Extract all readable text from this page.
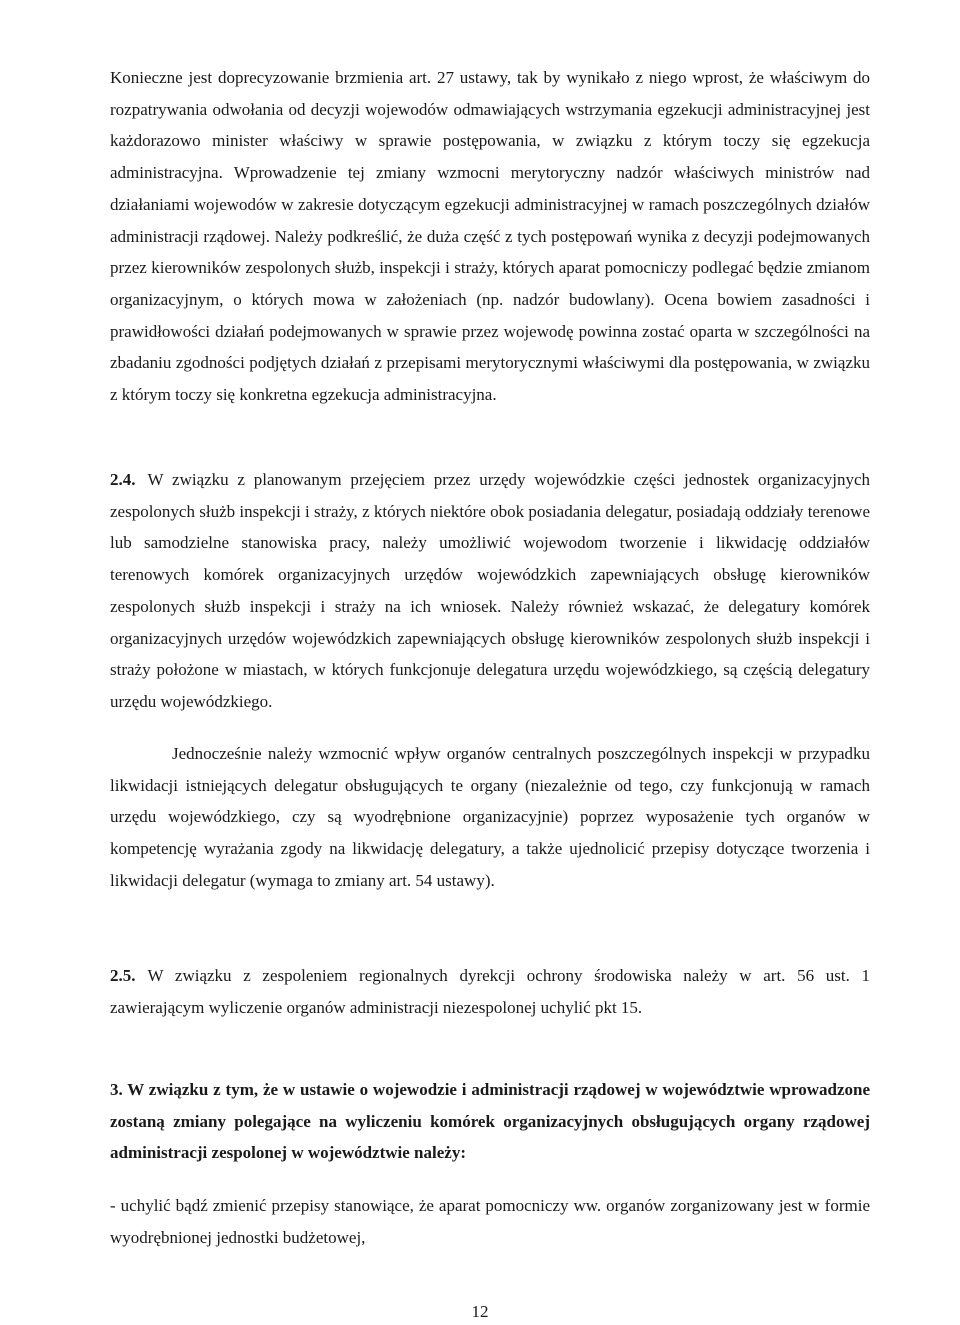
Konieczne jest doprecyzowanie brzmienia art. 27 ustawy, tak by wynikało z niego wprost, że właściwym do rozpatrywania odwołania od decyzji wojewodów odmawiających wstrzymania egzekucji administracyjnej jest każdorazowo minister właściwy w sprawie postępowania, w związku z którym toczy się egzekucja administracyjna. Wprowadzenie tej zmiany wzmocni merytoryczny nadzór właściwych ministrów nad działaniami wojewodów w zakresie dotyczącym egzekucji administracyjnej w ramach poszczególnych działów administracji rządowej. Należy podkreślić, że duża część z tych postępowań wynika z decyzji podejmowanych przez kierowników zespolonych służb, inspekcji i straży, których aparat pomocniczy podlegać będzie zmianom organizacyjnym, o których mowa w założeniach (np. nadzór budowlany). Ocena bowiem zasadności i prawidłowości działań podejmowanych w sprawie przez wojewodę powinna zostać oparta w szczególności na zbadaniu zgodności podjętych działań z przepisami merytorycznymi właściwymi dla postępowania, w związku z którym toczy się konkretna egzekucja administracyjna.

2.4. W związku z planowanym przejęciem przez urzędy wojewódzkie części jednostek organizacyjnych zespolonych służb inspekcji i straży, z których niektóre obok posiadania delegatur, posiadają oddziały terenowe lub samodzielne stanowiska pracy, należy umożliwić wojewodom tworzenie i likwidację oddziałów terenowych komórek organizacyjnych urzędów wojewódzkich zapewniających obsługę kierowników zespolonych służb inspekcji i straży na ich wniosek. Należy również wskazać, że delegatury komórek organizacyjnych urzędów wojewódzkich zapewniających obsługę kierowników zespolonych służb inspekcji i straży położone w miastach, w których funkcjonuje delegatura urzędu wojewódzkiego, są częścią delegatury urzędu wojewódzkiego.

Jednocześnie należy wzmocnić wpływ organów centralnych poszczególnych inspekcji w przypadku likwidacji istniejących delegatur obsługujących te organy (niezależnie od tego, czy funkcjonują w ramach urzędu wojewódzkiego, czy są wyodrębnione organizacyjnie) poprzez wyposażenie tych organów w kompetencję wyrażania zgody na likwidację delegatury, a także ujednolicić przepisy dotyczące tworzenia i likwidacji delegatur (wymaga to zmiany art. 54 ustawy).

2.5. W związku z zespoleniem regionalnych dyrekcji ochrony środowiska należy w art. 56 ust. 1 zawierającym wyliczenie organów administracji niezespolonej uchylić pkt 15.

3. W związku z tym, że w ustawie o wojewodzie i administracji rządowej w województwie wprowadzone zostaną zmiany polegające na wyliczeniu komórek organizacyjnych obsługujących organy rządowej administracji zespolonej w województwie należy:

- uchylić bądź zmienić przepisy stanowiące, że aparat pomocniczy ww. organów zorganizowany jest w formie wyodrębnionej jednostki budżetowej,

12
